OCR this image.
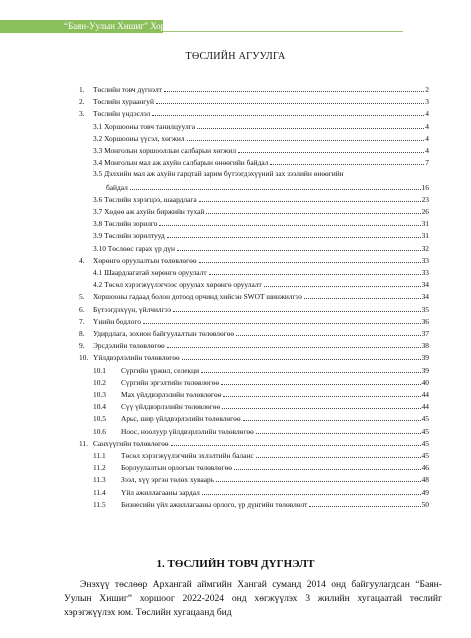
“Баян-Уулын Хишиг” Хорш
ТӨСЛИЙН АГУУЛГА
1.	Төслийн товч дүгнэлт	2
2.	Төслийн хураангуй	3
3.	Төслийн үндэслэл	4
3.1 Хоршооны товч танилцуулга	4
3.2 Хоршооны үүсэл, хөгжил	4
3.3 Монголын хоршооллын салбарын хөгжил	4
3.4 Монголын мал аж ахуйн салбарын өнөөгийн байдал	7
3.5 Дэлхийн мал аж ахуйн гарцтай зарим бүтээгдэхүүний зах зээлийн өнөөгийн
байдал	16
3.6 Төслийн хэрэгцээ, шаардлага	23
3.7 Хөдөө аж ахуйн биржийн тухай	26
3.8 Төслийн зорилго	31
3.9 Төслийн зорилтууд	31
3.10 Төслөөс гарах үр дүн	32
4.	Хөрөнгө оруулалтын төлөвлөгөө	33
4.1 Шаардлагатай хөрөнгө оруулалт	33
4.2 Төсөл хэрэгжүүлэгчээс оруулах хөрөнгө оруулалт	34
5.	Хоршооны гадаад болон дотоод орчинд хийсэн SWOT шинжилгээ	34
6.	Бүтээгдэхүүн, үйлчилгээ	35
7.	Үнийн бодлого	36
8.	Удирдлага, зохион байгуулалтын төлөвлөгөө	37
9.	Эрсдэлийн төлөвлөгөө	38
10. Үйлдвэрлэлийн төлөвлөгөө	39
10.1	Сүргийн үржил, селекци	39
10.2	Сүргийн эргэлтийн төлөвлөгөө	40
10.3	Мах үйлдвэрлэлийн төлөвлөгөө	44
10.4	Сүү үйлдвэрлэлийн төлөвлөгөө	44
10.5	Арьс, шир үйлдвэрлэлийн төлөвлөгөө	45
10.6	Ноос, ноолуур үйлдвэрлэлийн төлөвлөгөө	45
11. Санхүүгийн төлөвлөгөө	45
11.1	Төсөл хэрэгжүүлэгчийн эхлэлтийн баланс	45
11.2	Борлуулалтын орлогын төлөвлөгөө	46
11.3	Зээл, хүү эргэн төлөх хуваарь	48
11.4	Үйл ажиллагааны зардал	49
11.5	Бизнесийн үйл ажиллагааны орлого, үр дүнгийн төлөвлөлт	50
1. ТӨСЛИЙН ТОВЧ ДҮГНЭЛТ
Энэхүү төслөөр Архангай аймгийн Хангай сумaнд 2014 онд байгуулагдсан “Баян-Уулын Хишиг” хоршоог 2022-2024 онд хөгжүүлэх 3 жилийн хугацаатай төслийг хэрэгжүүлэх юм. Төслийн хугацаанд бид
